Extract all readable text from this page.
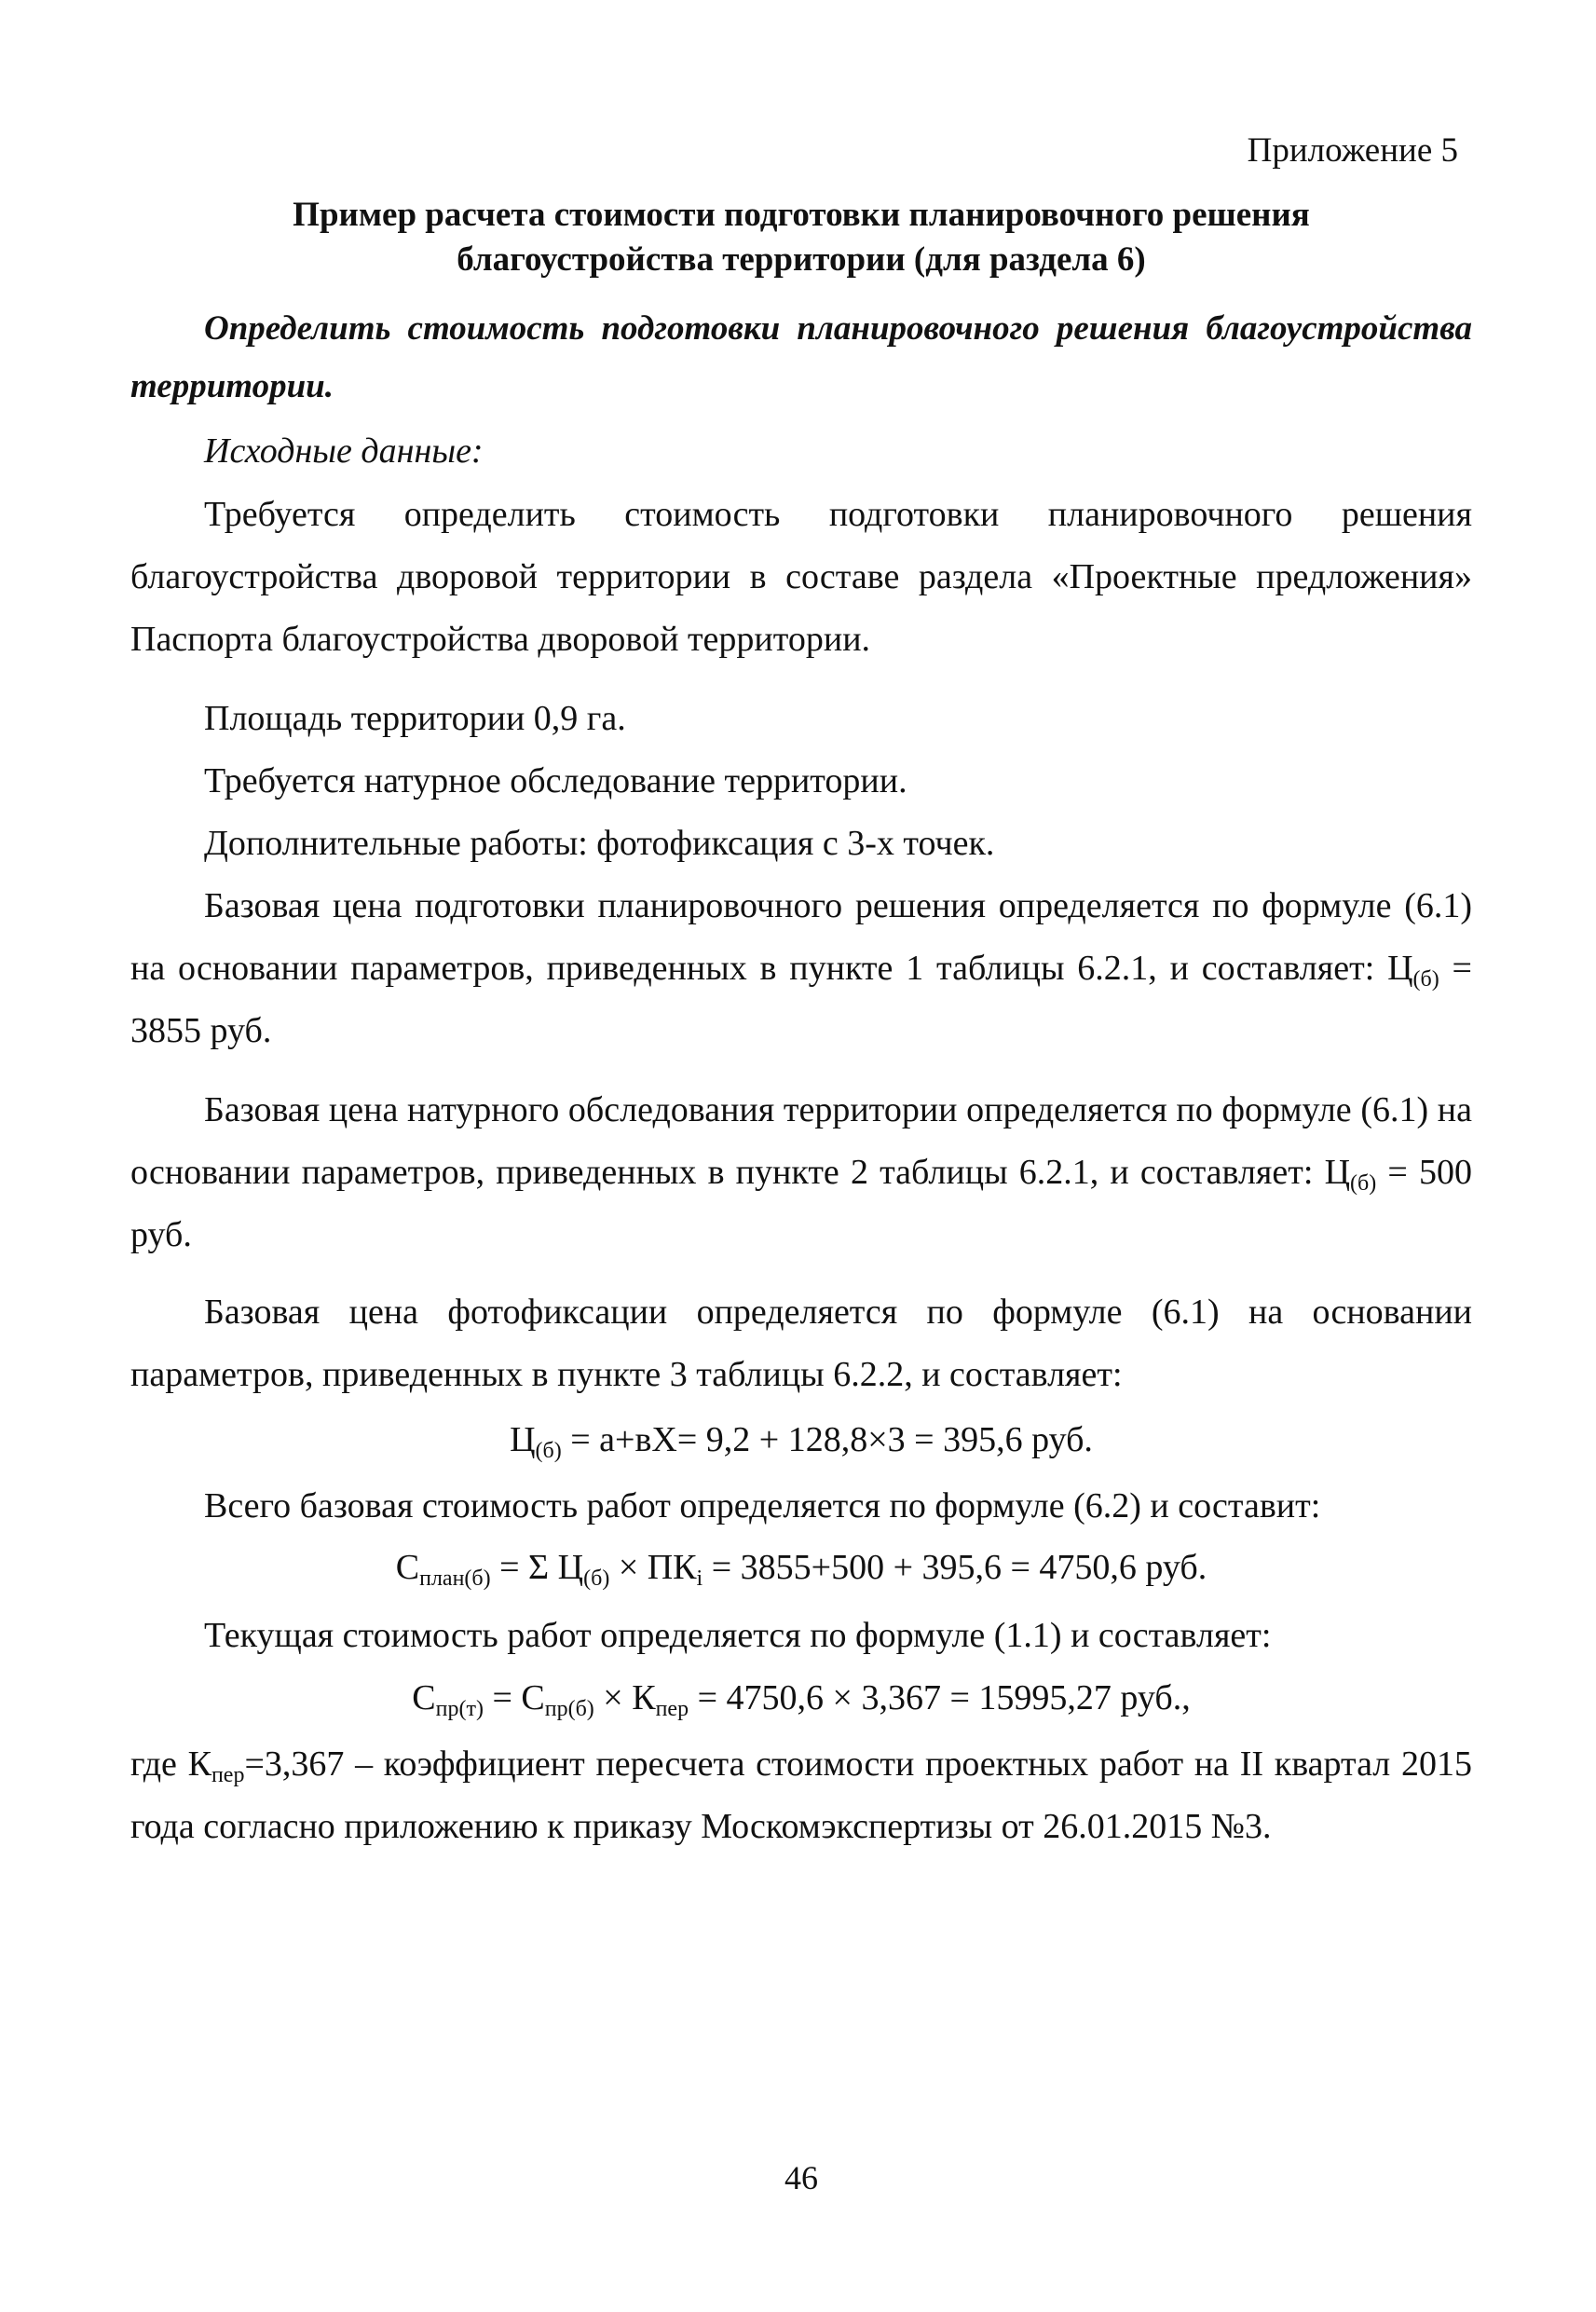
Приложение 5
Пример расчета стоимости подготовки планировочного решения
благоустройства территории (для раздела 6)
Определить стоимость подготовки планировочного решения благоустройства территории.
Исходные данные:
Требуется определить стоимость подготовки планировочного решения благоустройства дворовой территории в составе раздела «Проектные предложения» Паспорта благоустройства дворовой территории.
Площадь территории 0,9 га.
Требуется натурное обследование территории.
Дополнительные работы: фотофиксация с 3-х точек.
Базовая цена подготовки планировочного решения определяется по формуле (6.1) на основании параметров, приведенных в пункте 1 таблицы 6.2.1, и составляет: $Ц_{(б)} = 3855$ руб.
Базовая цена натурного обследования территории определяется по формуле (6.1) на основании параметров, приведенных в пункте 2 таблицы 6.2.1, и составляет: $Ц_{(б)} = 500$ руб.
Базовая цена фотофиксации определяется по формуле (6.1) на основании параметров, приведенных в пункте 3 таблицы 6.2.2, и составляет:
$Ц_{(б)} = а+вХ= 9,2 + 128,8\times 3 = 395,6$ руб.
Всего базовая стоимость работ определяется по формуле (6.2) и составит:
$С_{план(б)} = \Sigma$ $Ц_{(б)} \times ПК_i = 3855+500 + 395,6 = 4750,6$ руб.
Текущая стоимость работ определяется по формуле (1.1) и составляет:
$С_{пр(т)} = С_{пр(б)} \times К_{пер} = 4750,6 \times 3,367 = 15995,27$ руб.,
где $К_{пер}=3,367$ – коэффициент пересчета стоимости проектных работ на II квартал 2015 года согласно приложению к приказу Москомэкспертизы от 26.01.2015 №3.
46
